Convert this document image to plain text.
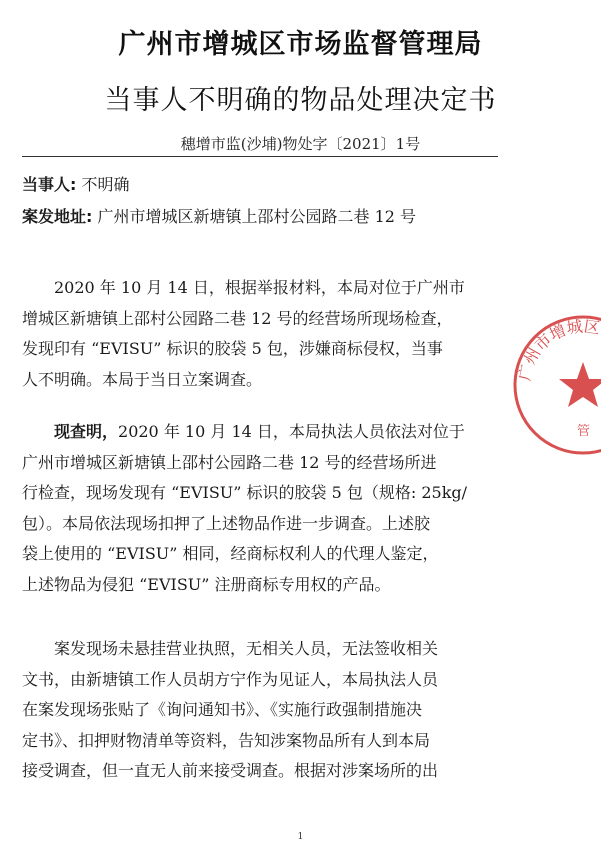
广州市增城区市场监督管理局
当事人不明确的物品处理决定书
穗增市监(沙埔)物处字〔2021〕1号
当事人: 不明确
案发地址: 广州市增城区新塘镇上邵村公园路二巷 12 号
2020 年 10 月 14 日，根据举报材料，本局对位于广州市
增城区新塘镇上邵村公园路二巷 12 号的经营场所现场检查，
发现印有 “EVISU” 标识的胶袋 5 包，涉嫌商标侵权，当事
人不明确。本局于当日立案调查。
现查明，2020 年 10 月 14 日，本局执法人员依法对位于
广州市增城区新塘镇上邵村公园路二巷 12 号的经营场所进
行检查，现场发现有 “EVISU” 标识的胶袋 5 包（规格: 25kg/
包）。本局依法现场扣押了上述物品作进一步调查。上述胶
袋上使用的 “EVISU” 相同，经商标权利人的代理人鉴定，
上述物品为侵犯 “EVISU” 注册商标专用权的产品。
案发现场未悬挂营业执照，无相关人员，无法签收相关
文书，由新塘镇工作人员胡方宁作为见证人，本局执法人员
在案发现场张贴了《询问通知书》、《实施行政强制措施决
定书》、扣押财物清单等资料，告知涉案物品所有人到本局
接受调查，但一直无人前来接受调查。根据对涉案场所的出
广州市增城区
管
1
